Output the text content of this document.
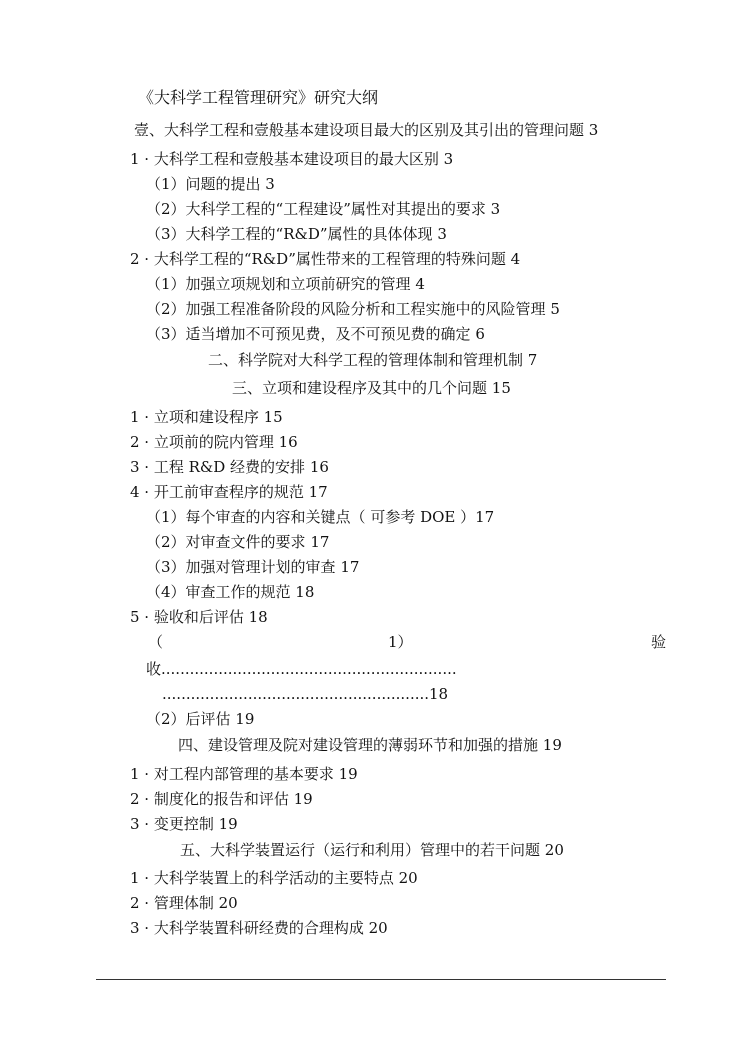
《大科学工程管理研究》研究大纲
壹、大科学工程和壹般基本建设项目最大的区别及其引出的管理问题 3
1 · 大科学工程和壹般基本建设项目的最大区别 3
（1）问题的提出 3
（2）大科学工程的“工程建设”属性对其提出的要求 3
（3）大科学工程的“R&D”属性的具体体现 3
2 · 大科学工程的“R&D”属性带来的工程管理的特殊问题 4
（1）加强立项规划和立项前研究的管理 4
（2）加强工程准备阶段的风险分析和工程实施中的风险管理 5
（3）适当增加不可预见费，及不可预见费的确定 6
二、科学院对大科学工程的管理体制和管理机制 7
三、立项和建设程序及其中的几个问题 15
1 · 立项和建设程序 15
2 · 立项前的院内管理 16
3 · 工程 R&D 经费的安排 16
4 · 开工前审查程序的规范 17
（1）每个审查的内容和关键点（ 可参考 DOE ）17
（2）对审查文件的要求 17
（3）加强对管理计划的审查 17
（4）审查工作的规范 18
5 · 验收和后评估 18
（	1）	验
收..............................................................
........................................................18
（2）后评估 19
四、建设管理及院对建设管理的薄弱环节和加强的措施 19
1 · 对工程内部管理的基本要求 19
2 · 制度化的报告和评估 19
3 · 变更控制 19
五、大科学装置运行（运行和利用）管理中的若干问题 20
1 · 大科学装置上的科学活动的主要特点 20
2 · 管理体制 20
3 · 大科学装置科研经费的合理构成 20
